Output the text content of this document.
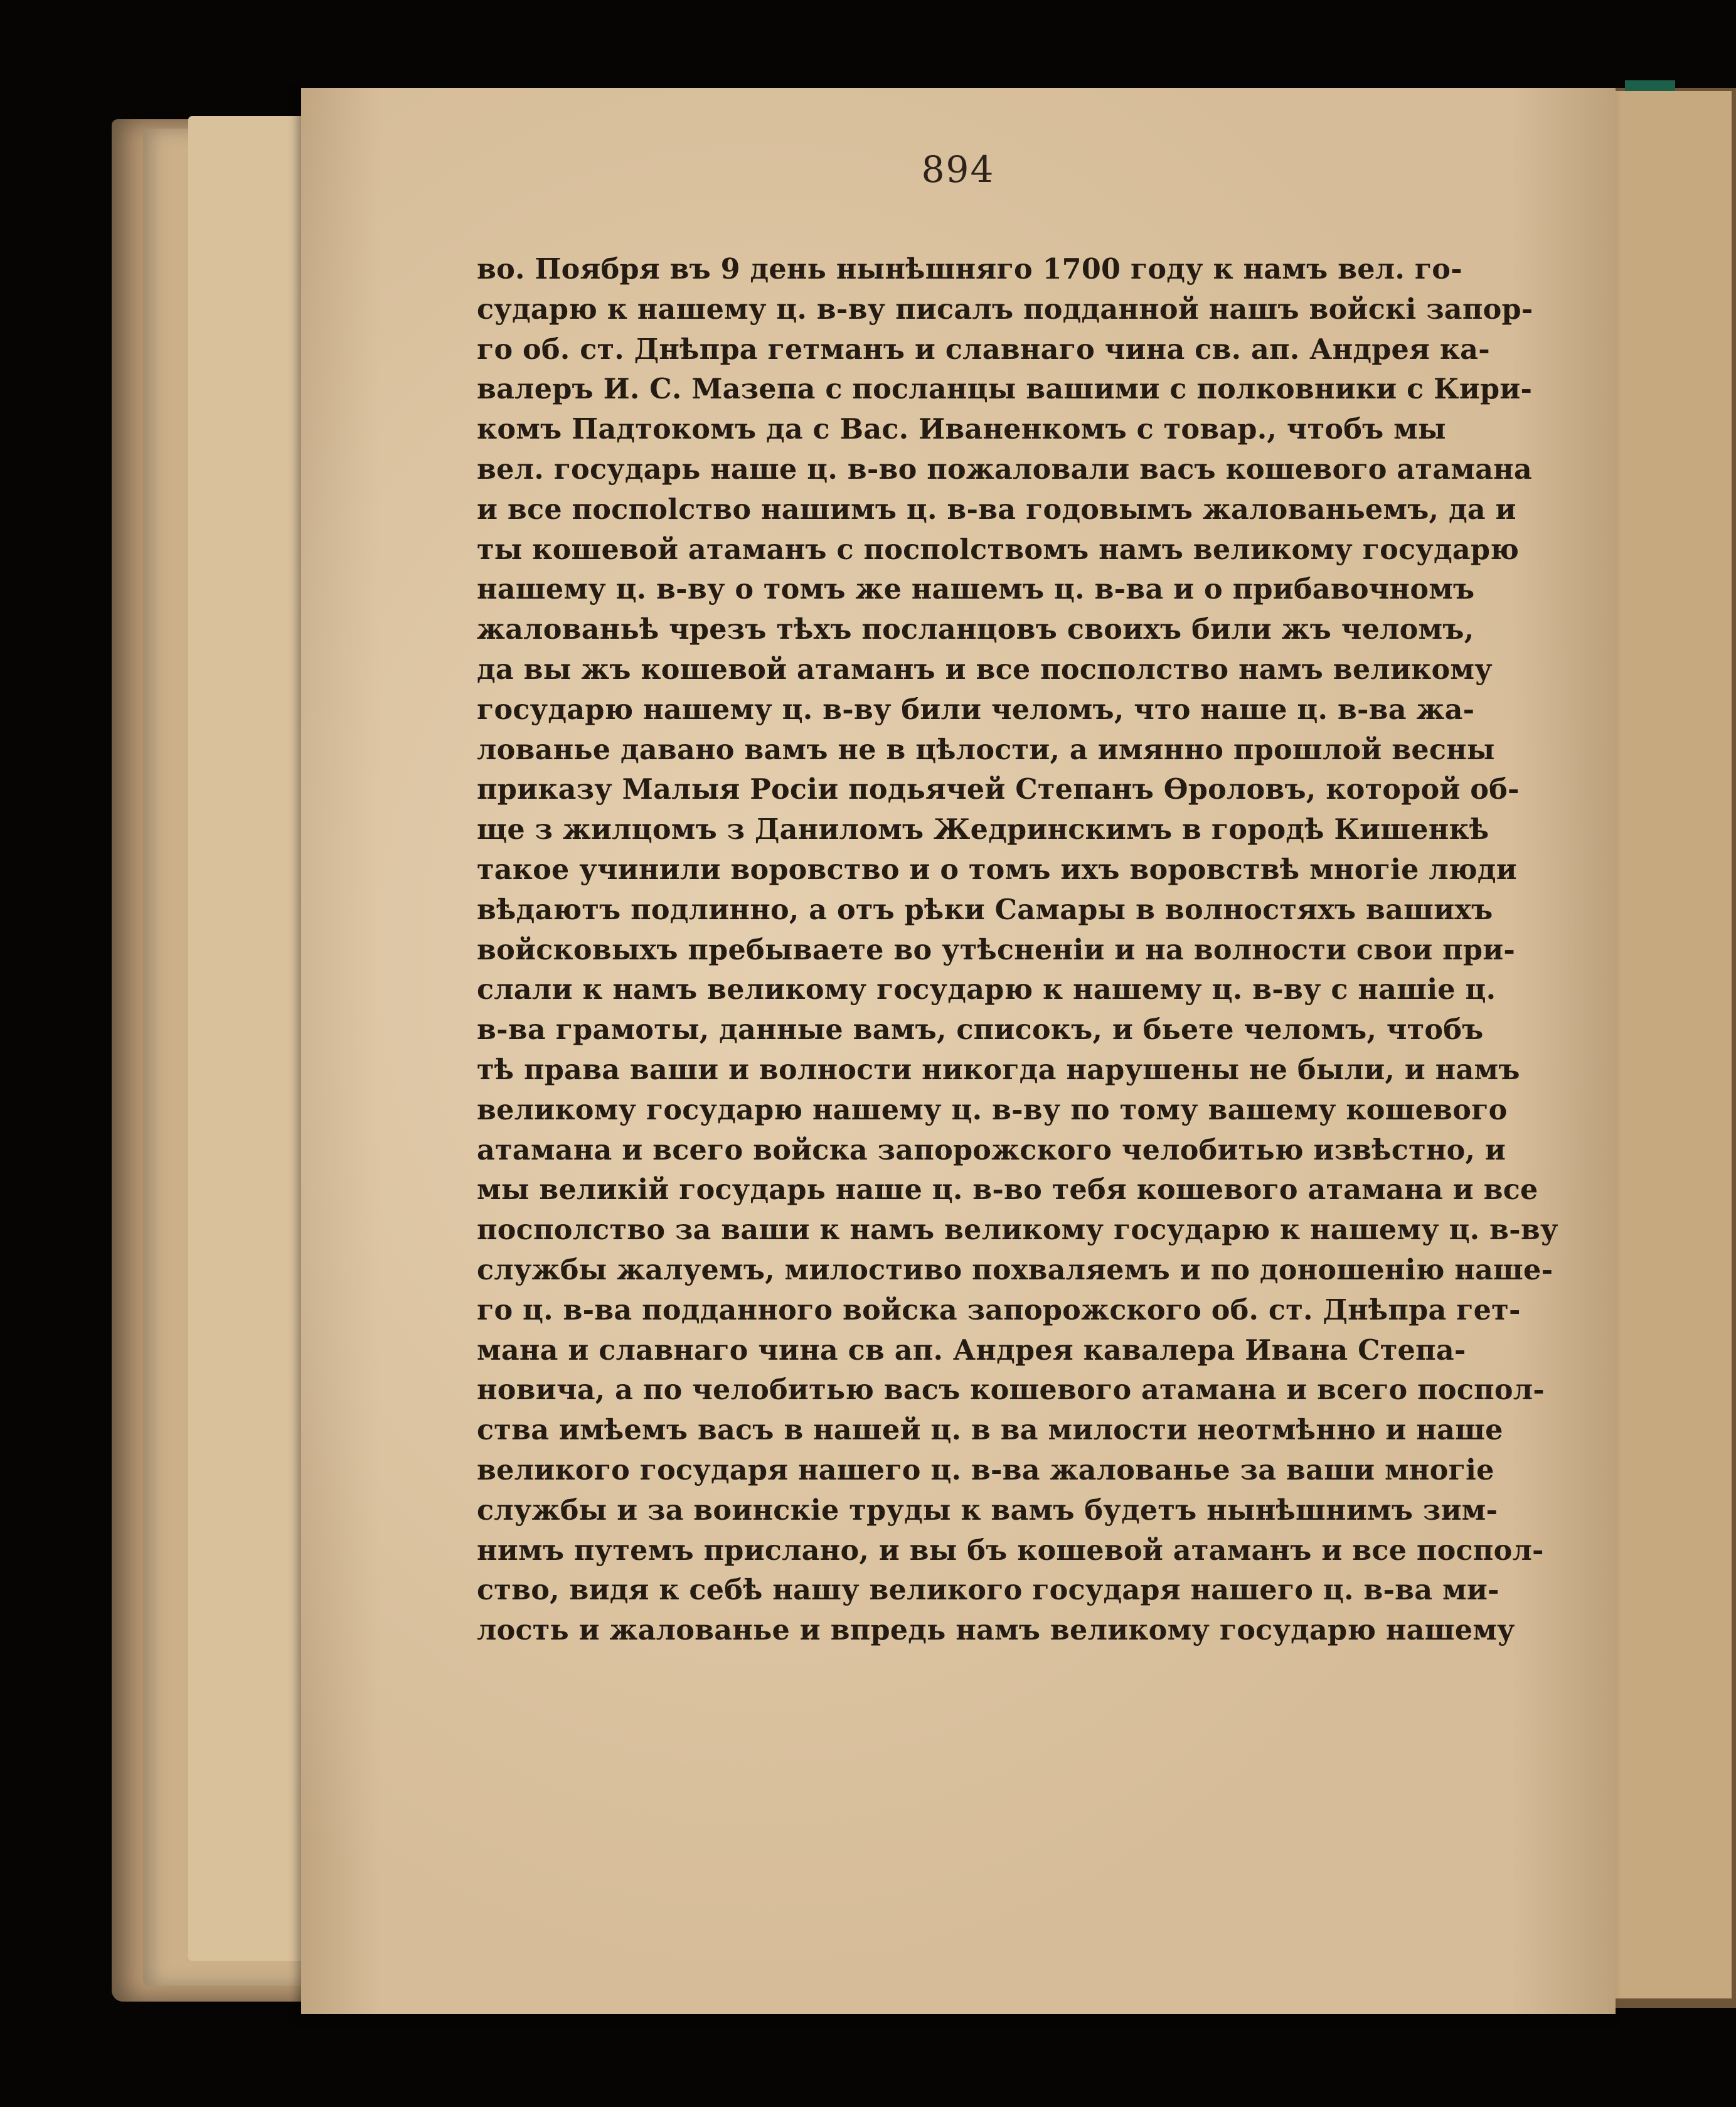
894
во. Поября въ 9 день нынѣшняго 1700 году к намъ вел. го-
сударю к нашему ц. в-ву писалъ подданной нашъ войскі запор-
го об. ст. Днѣпра гетманъ и славнаго чина св. ап. Андрея ка-
валеръ И. С. Мазепа с посланцы вашими с полковники с Кири-
комъ Падтокомъ да с Вас. Иваненкомъ с товар., чтобъ мы
вел. государь наше ц. в-во пожаловали васъ кошевого атамана
и все поспolство нашимъ ц. в-ва годовымъ жалованьемъ, да и
ты кошевой атаманъ с поспolствомъ намъ великому государю
нашему ц. в-ву о томъ же нашемъ ц. в-ва и о прибавочномъ
жалованьѣ чрезъ тѣхъ посланцовъ своихъ били жъ челомъ,
да вы жъ кошевой атаманъ и все посполство намъ великому
государю нашему ц. в-ву били челомъ, что наше ц. в-ва жа-
лованье давано вамъ не в цѣлости, а имянно прошлой весны
приказу Малыя Росіи подьячей Степанъ Ѳроловъ, которой об-
ще з жилцомъ з Даниломъ Жедринскимъ в городѣ Кишенкѣ
такое учинили воровство и о томъ ихъ воровствѣ многіе люди
вѣдаютъ подлинно, а отъ рѣки Самары в волностяхъ вашихъ
войсковыхъ пребываете во утѣсненіи и на волности свои при-
слали к намъ великому государю к нашему ц. в-ву с нашіе ц.
в-ва грамоты, данные вамъ, списокъ, и бьете челомъ, чтобъ
тѣ права ваши и волности никогда нарушены не были, и намъ
великому государю нашему ц. в-ву по тому вашему кошевого
атамана и всего войска запорожского челобитью извѣстно, и
мы великій государь наше ц. в-во тебя кошевого атамана и все
посполство за ваши к намъ великому государю к нашему ц. в-ву
службы жалуемъ, милостиво похваляемъ и по доношенію наше-
го ц. в-ва подданного войска запорожского об. ст. Днѣпра гет-
мана и славнаго чина св ап. Андрея кавалера Ивана Степа-
новича, а по челобитью васъ кошевого атамана и всего поспол-
ства имѣемъ васъ в нашей ц. в ва милости неотмѣнно и наше
великого государя нашего ц. в-ва жалованье за ваши многіе
службы и за воинскіе труды к вамъ будетъ нынѣшнимъ зим-
нимъ путемъ прислано, и вы бъ кошевой атаманъ и все поспол-
ство, видя к себѣ нашу великого государя нашего ц. в-ва ми-
лость и жалованье и впредь намъ великому государю нашему
